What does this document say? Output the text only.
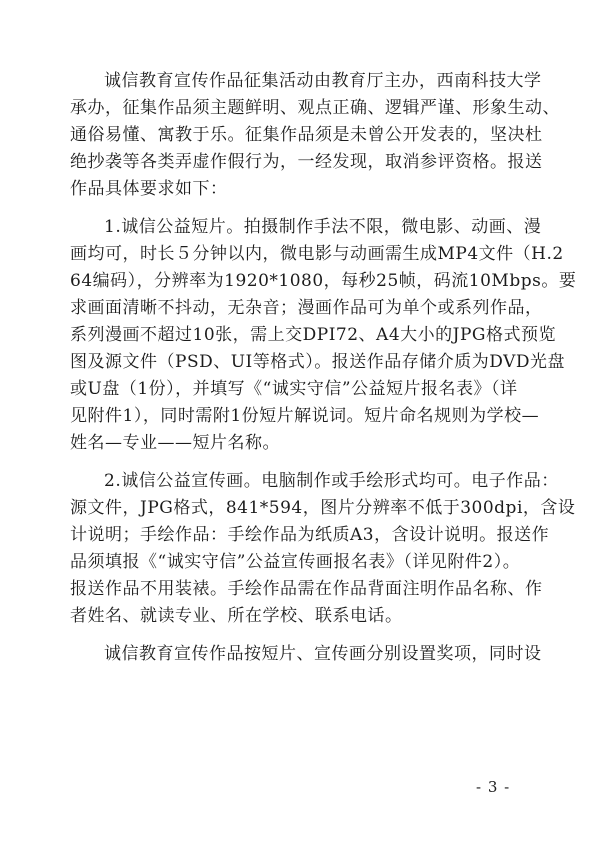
诚信教育宣传作品征集活动由教育厅主办，西南科技大学
承办，征集作品须主题鲜明、观点正确、逻辑严谨、形象生动、
通俗易懂、寓教于乐。征集作品须是未曾公开发表的，坚决杜
绝抄袭等各类弄虚作假行为，一经发现，取消参评资格。报送
作品具体要求如下：
1.诚信公益短片。拍摄制作手法不限，微电影、动画、漫
画均可，时长５分钟以内，微电影与动画需生成MP4文件（H.2
64编码），分辨率为1920*1080，每秒25帧，码流10Mbps。要
求画面清晰不抖动，无杂音；漫画作品可为单个或系列作品，
系列漫画不超过10张，需上交DPI72、A4大小的JPG格式预览
图及源文件（PSD、UI等格式）。报送作品存储介质为DVD光盘
或U盘（1份），并填写《“诚实守信”公益短片报名表》（详
见附件1），同时需附1份短片解说词。短片命名规则为学校—
姓名—专业——短片名称。
2.诚信公益宣传画。电脑制作或手绘形式均可。电子作品：
源文件，JPG格式，841*594，图片分辨率不低于300dpi，含设
计说明；手绘作品：手绘作品为纸质A3，含设计说明。报送作
品须填报《“诚实守信”公益宣传画报名表》（详见附件2）。
报送作品不用装裱。手绘作品需在作品背面注明作品名称、作
者姓名、就读专业、所在学校、联系电话。
诚信教育宣传作品按短片、宣传画分别设置奖项，同时设
- 3 -
